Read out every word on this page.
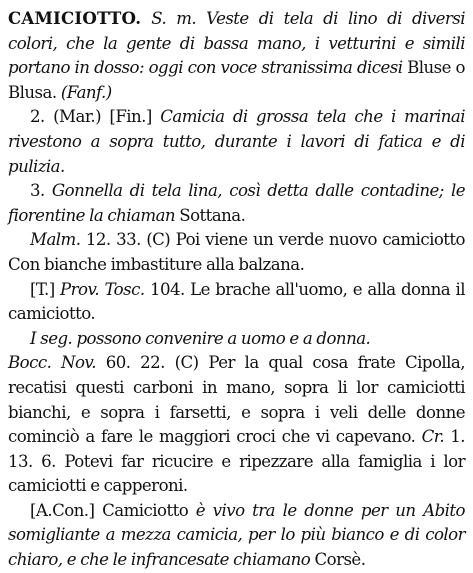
CAMICIOTTO. S. m. Veste di tela di lino di diversi colori, che la gente di bassa mano, i vetturini e simili portano in dosso: oggi con voce stranissima dicesi Bluse o Blusa. (Fanf.)

2. (Mar.) [Fin.] Camicia di grossa tela che i marinai rivestono a sopra tutto, durante i lavori di fatica e di pulizia.

3. Gonnella di tela lina, così detta dalle contadine; le fiorentine la chiaman Sottana.

Malm. 12. 33. (C) Poi viene un verde nuovo camiciotto Con bianche imbastiture alla balzana.

[T.] Prov. Tosc. 104. Le brache all'uomo, e alla donna il camiciotto.

I seg. possono convenire a uomo e a donna.

Bocc. Nov. 60. 22. (C) Per la qual cosa frate Cipolla, recatisi questi carboni in mano, sopra li lor camiciotti bianchi, e sopra i farsetti, e sopra i veli delle donne cominciò a fare le maggiori croci che vi capevano. Cr. 1. 13. 6. Potevi far ricucire e ripezzare alla famiglia i lor camiciotti e capperoni.

[A.Con.] Camiciotto è vivo tra le donne per un Abito somigliante a mezza camicia, per lo più bianco e di color chiaro, e che le infrancesate chiamano Corsè.
